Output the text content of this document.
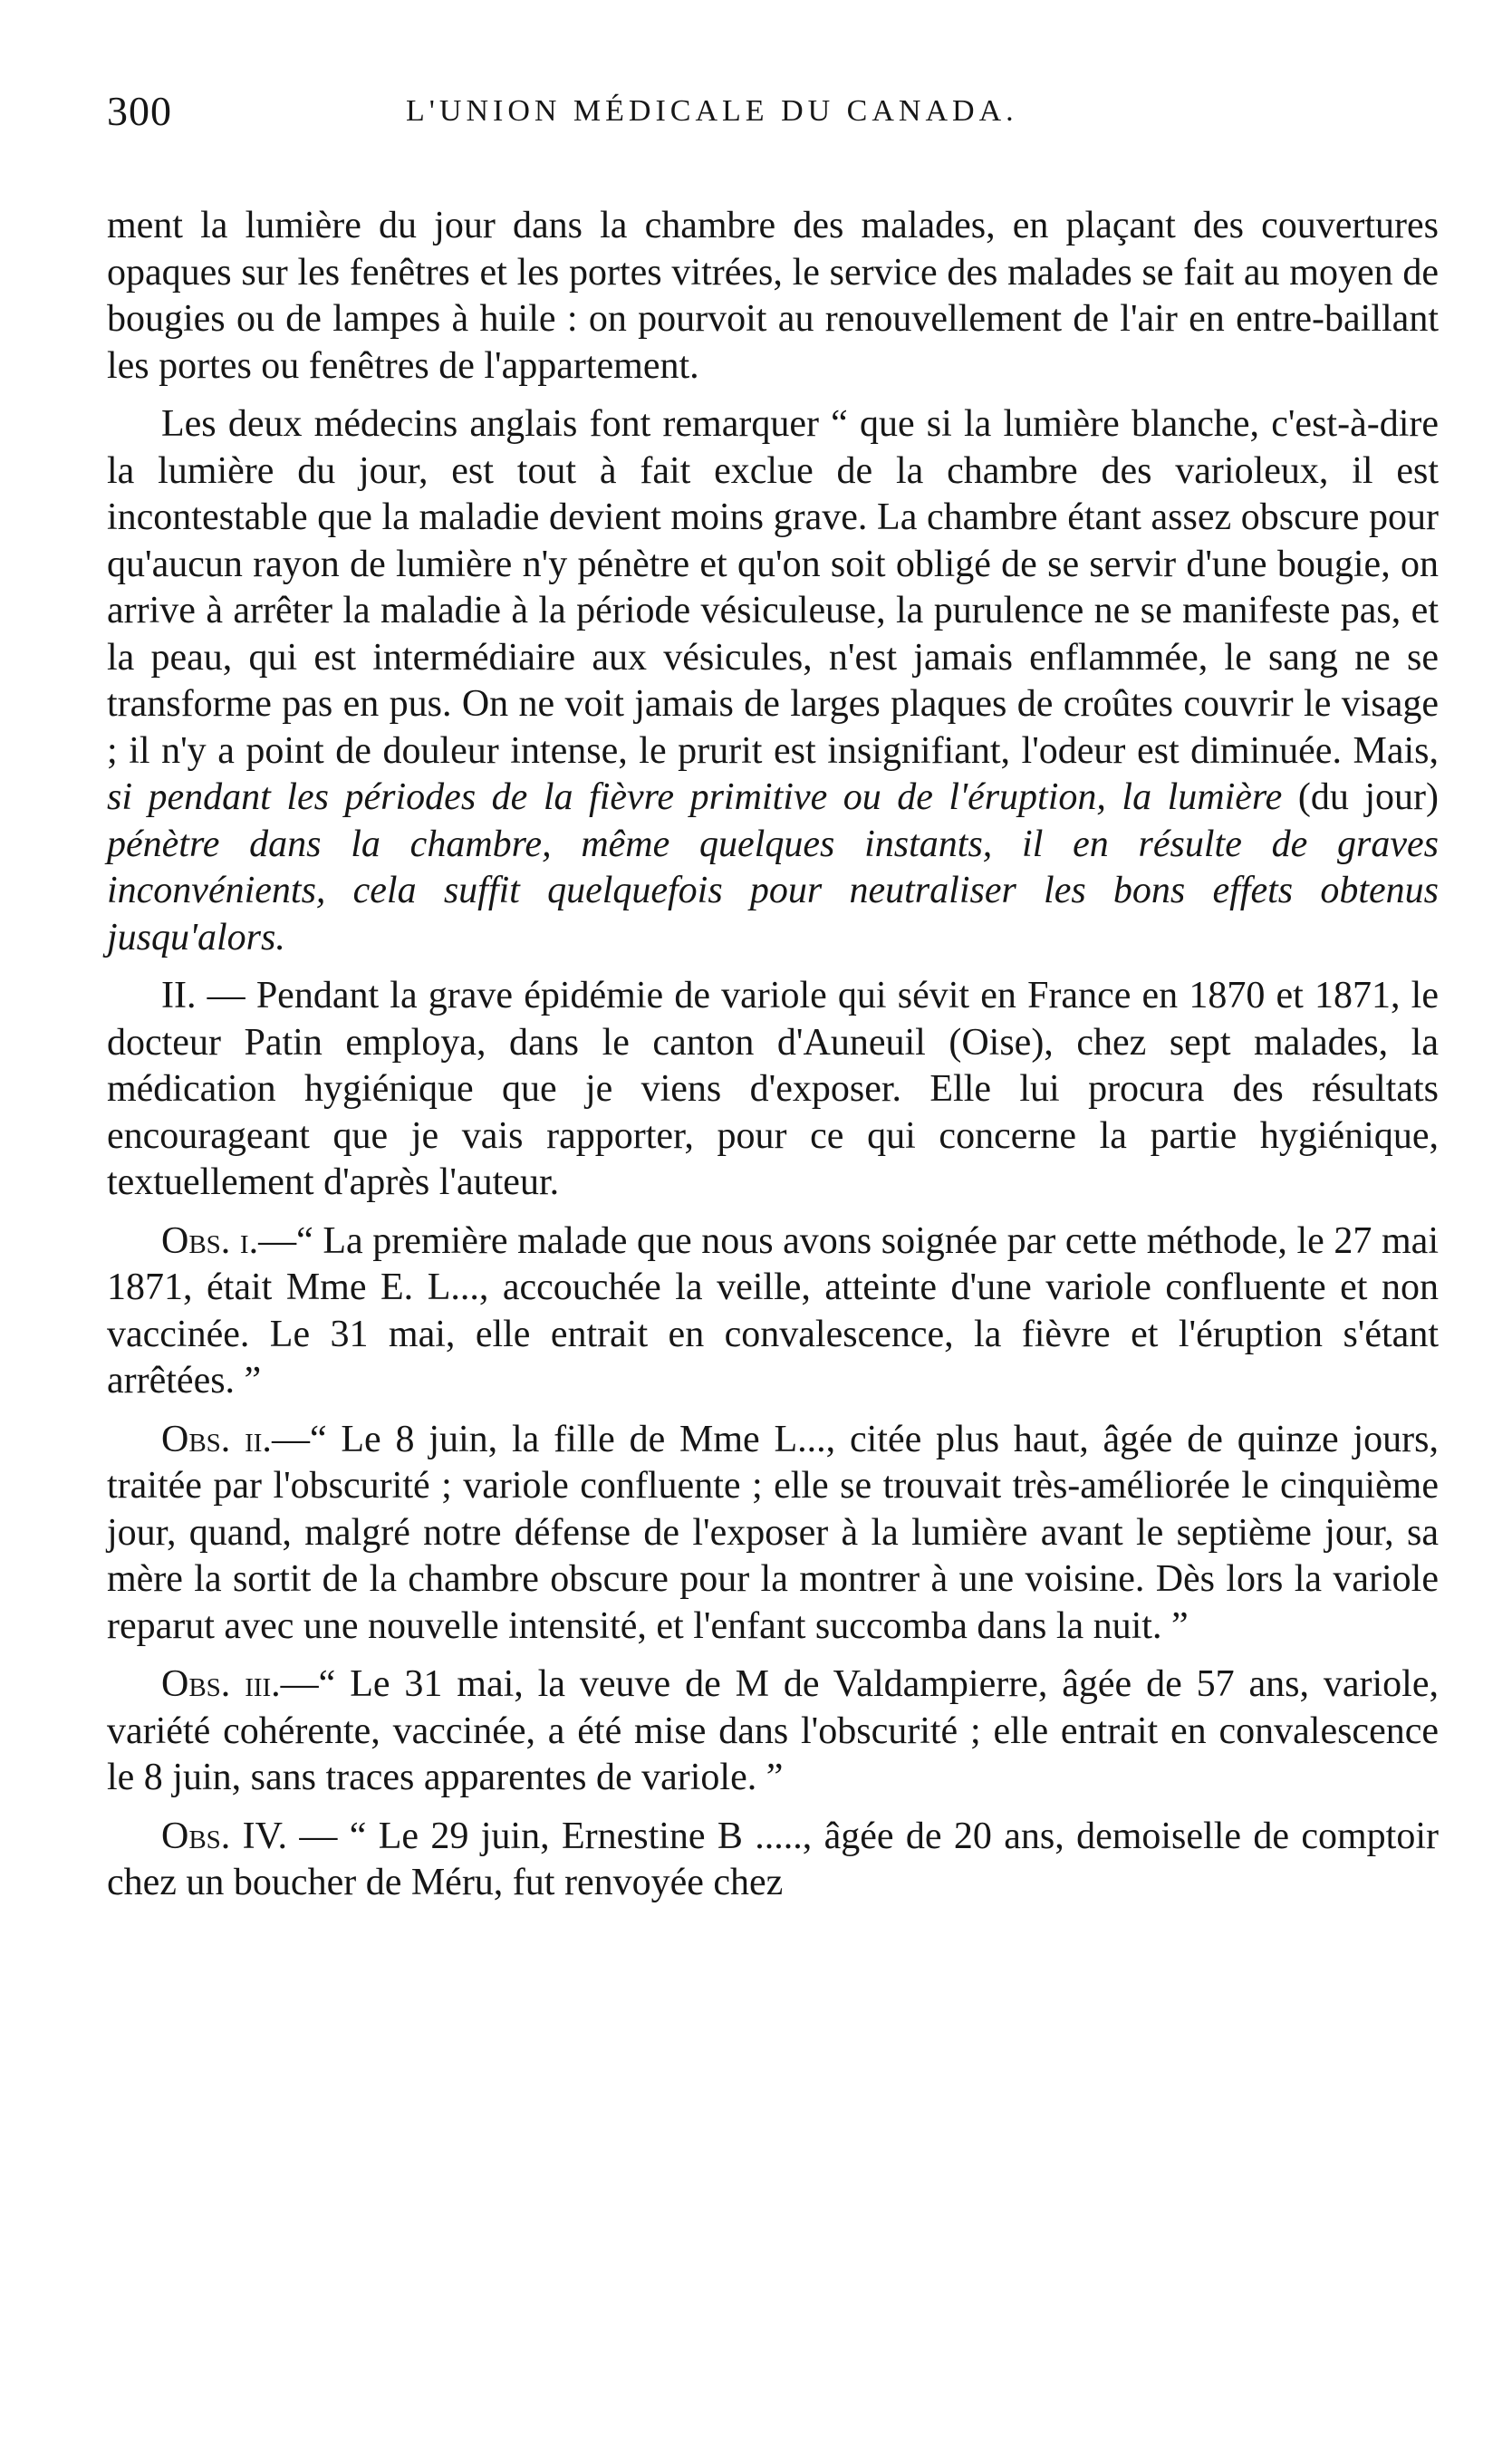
300	L'UNION MÉDICALE DU CANADA.

ment la lumière du jour dans la chambre des malades, en plaçant des couvertures opaques sur les fenêtres et les portes vitrées, le service des malades se fait au moyen de bougies ou de lampes à huile : on pourvoit au renouvellement de l'air en entre-baillant les portes ou fenêtres de l'appartement.

Les deux médecins anglais font remarquer “ que si la lumière blanche, c'est-à-dire la lumière du jour, est tout à fait exclue de la chambre des varioleux, il est incontestable que la maladie devient moins grave. La chambre étant assez obscure pour qu'aucun rayon de lumière n'y pénètre et qu'on soit obligé de se servir d'une bougie, on arrive à arrêter la maladie à la période vésiculeuse, la purulence ne se manifeste pas, et la peau, qui est intermédiaire aux vésicules, n'est jamais enflammée, le sang ne se transforme pas en pus. On ne voit jamais de larges plaques de croûtes couvrir le visage ; il n'y a point de douleur intense, le prurit est insignifiant, l'odeur est diminuée. Mais, si pendant les périodes de la fièvre primitive ou de l'éruption, la lumière (du jour) pénètre dans la chambre, même quelques instants, il en résulte de graves inconvénients, cela suffit quelquefois pour neutraliser les bons effets obtenus jusqu'alors.

II. — Pendant la grave épidémie de variole qui sévit en France en 1870 et 1871, le docteur Patin employa, dans le canton d'Auneuil (Oise), chez sept malades, la médication hygiénique que je viens d'exposer. Elle lui procura des résultats encourageant que je vais rapporter, pour ce qui concerne la partie hygiénique, textuellement d'après l'auteur.

Obs. i.—“ La première malade que nous avons soignée par cette méthode, le 27 mai 1871, était Mme E. L..., accouchée la veille, atteinte d'une variole confluente et non vaccinée. Le 31 mai, elle entrait en convalescence, la fièvre et l'éruption s'étant arrêtées. ”

Obs. ii.—“ Le 8 juin, la fille de Mme L..., citée plus haut, âgée de quinze jours, traitée par l'obscurité ; variole confluente ; elle se trouvait très-améliorée le cinquième jour, quand, malgré notre défense de l'exposer à la lumière avant le septième jour, sa mère la sortit de la chambre obscure pour la montrer à une voisine. Dès lors la variole reparut avec une nouvelle intensité, et l'enfant succomba dans la nuit. ”

Obs. iii.—“ Le 31 mai, la veuve de M de Valdampierre, âgée de 57 ans, variole, variété cohérente, vaccinée, a été mise dans l'obscurité ; elle entrait en convalescence le 8 juin, sans traces apparentes de variole. ”

Obs. IV. — “ Le 29 juin, Ernestine B ....., âgée de 20 ans, demoiselle de comptoir chez un boucher de Méru, fut renvoyée chez
